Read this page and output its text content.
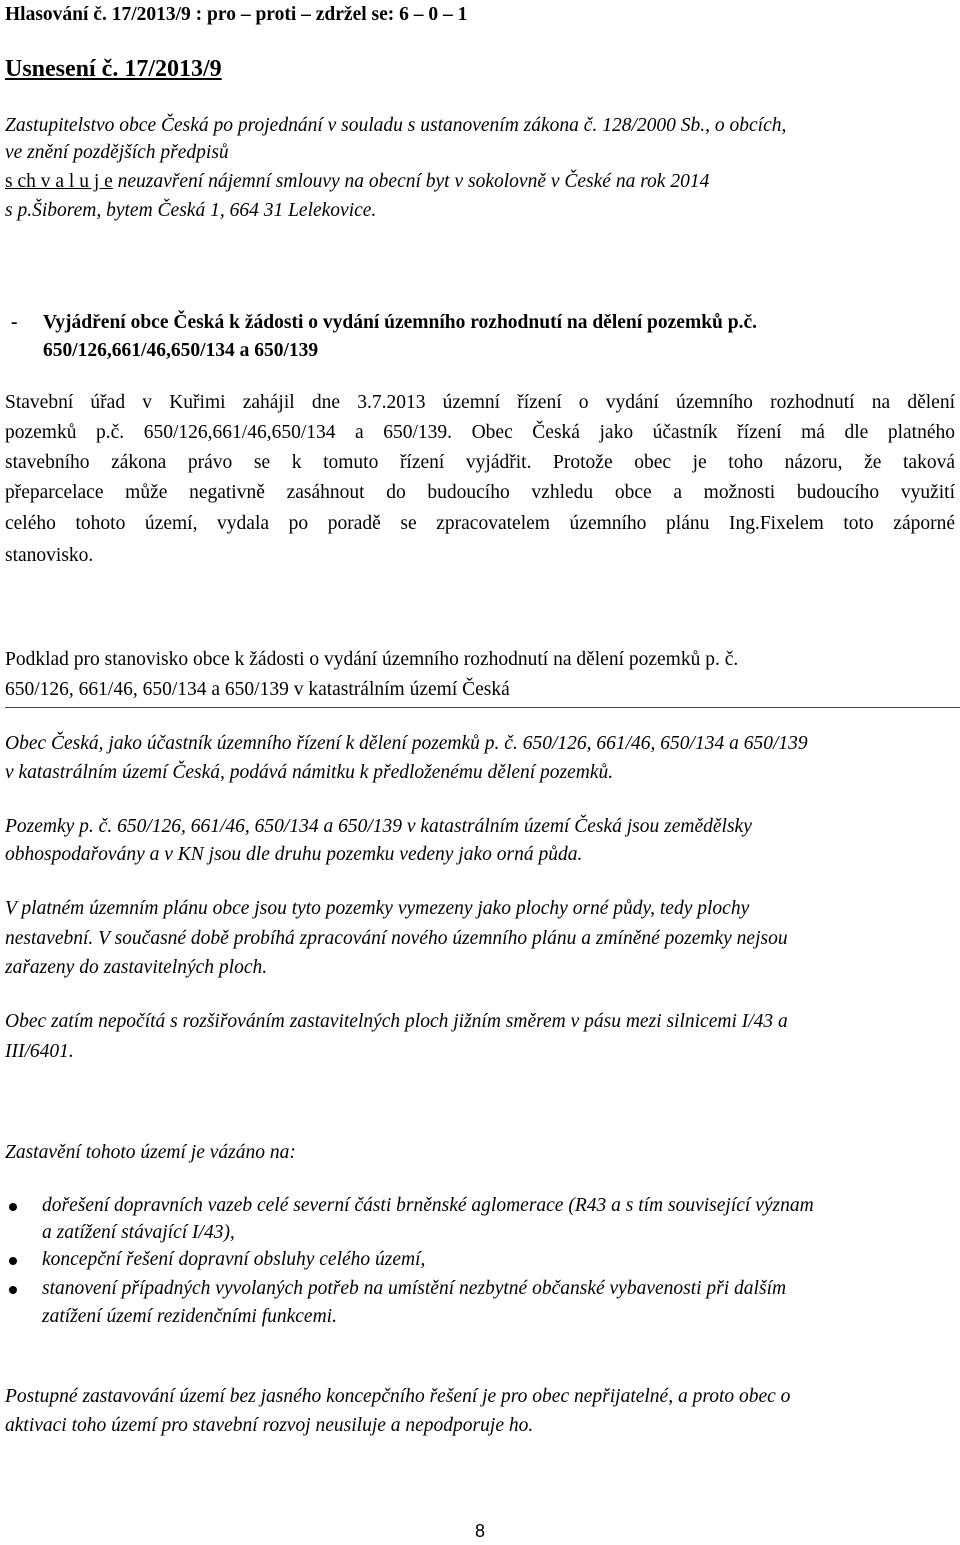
Hlasování č. 17/2013/9 : pro – proti – zdržel se: 6 – 0 – 1
Usnesení č. 17/2013/9
Zastupitelstvo obce Česká po projednání v souladu s ustanovením zákona č. 128/2000 Sb., o obcích,
ve znění pozdějších předpisů
s ch v a l u j e neuzavření nájemní smlouvy na obecní byt v sokolovně v České na rok 2014
s p.Šiborem, bytem Česká 1, 664 31 Lelekovice.
- Vyjádření obce Česká k žádosti o vydání územního rozhodnutí na dělení pozemků p.č.
650/126,661/46,650/134 a 650/139
Stavební úřad v Kuřimi zahájil dne 3.7.2013 územní řízení o vydání územního rozhodnutí na dělení
pozemků p.č. 650/126,661/46,650/134 a 650/139. Obec Česká jako účastník řízení má dle platného
stavebního zákona právo se k tomuto řízení vyjádřit. Protože obec je toho názoru, že taková
přeparcelace může negativně zasáhnout do budoucího vzhledu obce a možnosti budoucího využití
celého tohoto území, vydala po poradě se zpracovatelem územního plánu Ing.Fixelem toto záporné
stanovisko.
Podklad pro stanovisko obce k žádosti o vydání územního rozhodnutí na dělení pozemků p. č.
650/126, 661/46, 650/134 a 650/139 v katastrálním území Česká
Obec Česká, jako účastník územního řízení k dělení pozemků p. č. 650/126, 661/46, 650/134 a 650/139
v katastrálním území Česká, podává námitku k předloženému dělení pozemků.
Pozemky p. č. 650/126, 661/46, 650/134 a 650/139 v katastrálním území Česká jsou zemědělsky
obhospodařovány a v KN jsou dle druhu pozemku vedeny jako orná půda.
V platném územním plánu obce jsou tyto pozemky vymezeny jako plochy orné půdy, tedy plochy
nestavební. V současné době probíhá zpracování nového územního plánu a zmíněné pozemky nejsou
zařazeny do zastavitelných ploch.
Obec zatím nepočítá s rozšiřováním zastavitelných ploch jižním směrem v pásu mezi silnicemi I/43 a
III/6401.
Zastavění tohoto území je vázáno na:
dořešení dopravních vazeb celé severní části brněnské aglomerace (R43 a s tím související význam
a zatížení stávající I/43),
koncepční řešení dopravní obsluhy celého území,
stanovení případných vyvolaných potřeb na umístění nezbytné občanské vybavenosti při dalším
zatížení území rezidenčními funkcemi.
Postupné zastavování území bez jasného koncepčního řešení je pro obec nepřijatelné, a proto obec o
aktivaci toho území pro stavební rozvoj neusiluje a nepodporuje ho.
8
